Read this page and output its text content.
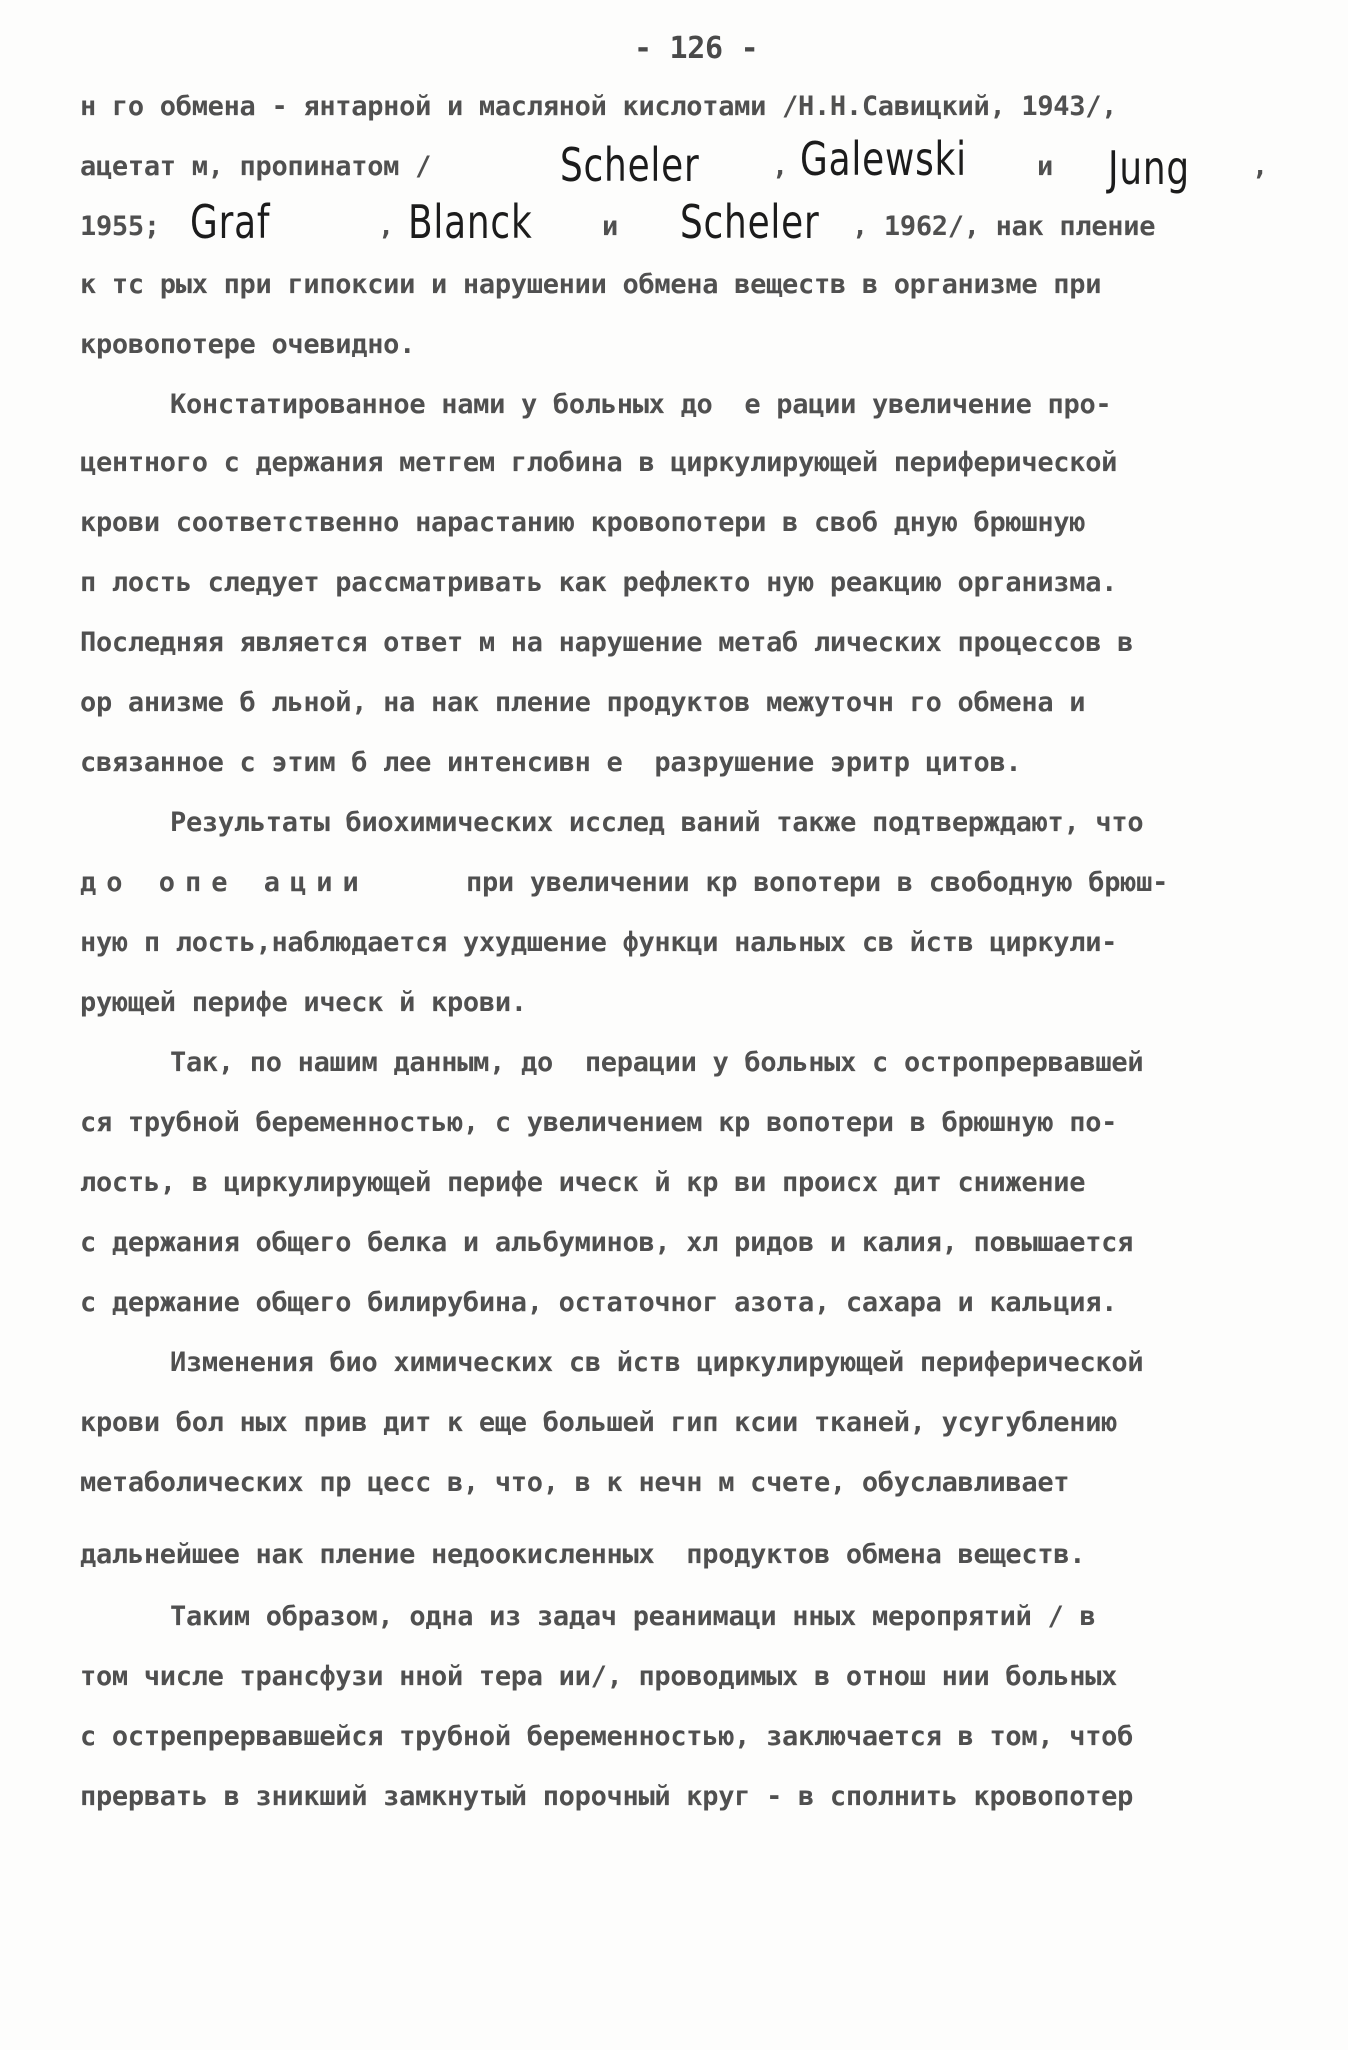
- 126 -
н го обмена - янтарной и масляной кислотами /Н.Н.Савицкий, 1943/,
ацетат м, пропинатом /	Scheler	, Galewski	и Jung ,
1955; Graf	, Blanck	и Scheler , 1962/, нак пление
к тс рых при гипоксии и нарушении обмена веществ в организме при
кровопотере очевидно.
Констатированное нами у больных до  е рации увеличение про-
центного с держания метгем глобина в циркулирующей периферической
крови соответственно нарастанию кровопотери в своб дную брюшную
п лость следует рассматривать как рефлекто ную реакцию организма.
Последняя является ответ м на нарушение метаб лических процессов в
ор анизме б льной, на нак пление продуктов межуточн го обмена и
связанное с этим б лее интенсивн е  разрушение эритр цитов.
Результаты биохимических исслед ваний также подтверждают, что
до опе ации	при увеличении кр вопотери в свободную брюш-
ную п лость,наблюдается ухудшение функци нальных св йств циркули-
рующей перифе ическ й крови.
Так, по нашим данным, до  перации у больных с остропрервавшей
ся трубной беременностью, с увеличением кр вопотери в брюшную по-
лость, в циркулирующей перифе ическ й кр ви происх дит снижение
с держания общего белка и альбуминов, хл ридов и калия, повышается
с держание общего билирубина, остаточног азота, сахара и кальция.
Изменения био химических св йств циркулирующей периферической
крови бол ных прив дит к еще большей гип ксии тканей, усугублению
метаболических пр цесс в, что, в к нечн м счете, обуславливает
дальнейшее нак пление недоокисленных  продуктов обмена веществ.
Таким образом, одна из задач реанимаци нных меропрятий / в
том числе трансфузи нной тера ии/, проводимых в отнош нии больных
с острепрервавшейся трубной беременностью, заключается в том, чтоб
прервать в зникший замкнутый порочный круг - в сполнить кровопотер
